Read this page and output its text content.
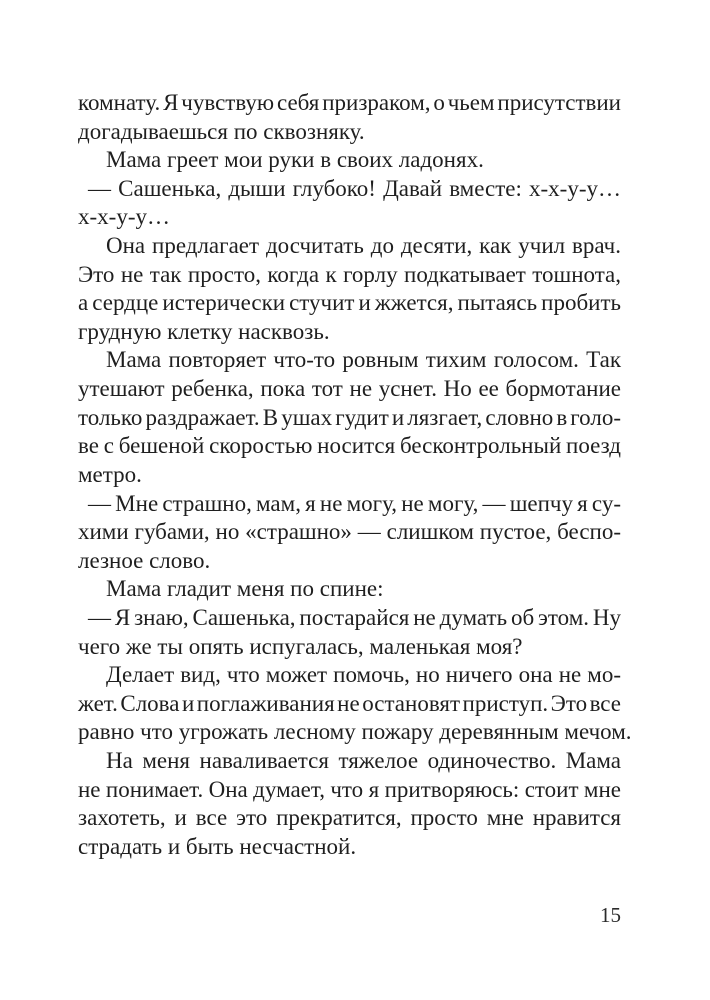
комнату. Я чувствую себя призраком, о чьем присутствии
догадываешься по сквозняку.
Мама греет мои руки в своих ладонях.
— Сашенька, дыши глубоко! Давай вместе: х-х-у-у…
х-х-у-у…
Она предлагает досчитать до десяти, как учил врач.
Это не так просто, когда к горлу подкатывает тошнота,
а сердце истерически стучит и жжется, пытаясь пробить
грудную клетку насквозь.
Мама повторяет что-то ровным тихим голосом. Так
утешают ребенка, пока тот не уснет. Но ее бормотание
только раздражает. В ушах гудит и лязгает, словно в голо-
ве с бешеной скоростью носится бесконтрольный поезд
метро.
— Мне страшно, мам, я не могу, не могу, — шепчу я су-
хими губами, но «страшно» — слишком пустое, беспо-
лезное слово.
Мама гладит меня по спине:
— Я знаю, Сашенька, постарайся не думать об этом. Ну
чего же ты опять испугалась, маленькая моя?
Делает вид, что может помочь, но ничего она не мо-
жет. Слова и поглаживания не остановят приступ. Это все
равно что угрожать лесному пожару деревянным мечом.
На меня наваливается тяжелое одиночество. Мама
не понимает. Она думает, что я притворяюсь: стоит мне
захотеть, и все это прекратится, просто мне нравится
страдать и быть несчастной.
15
